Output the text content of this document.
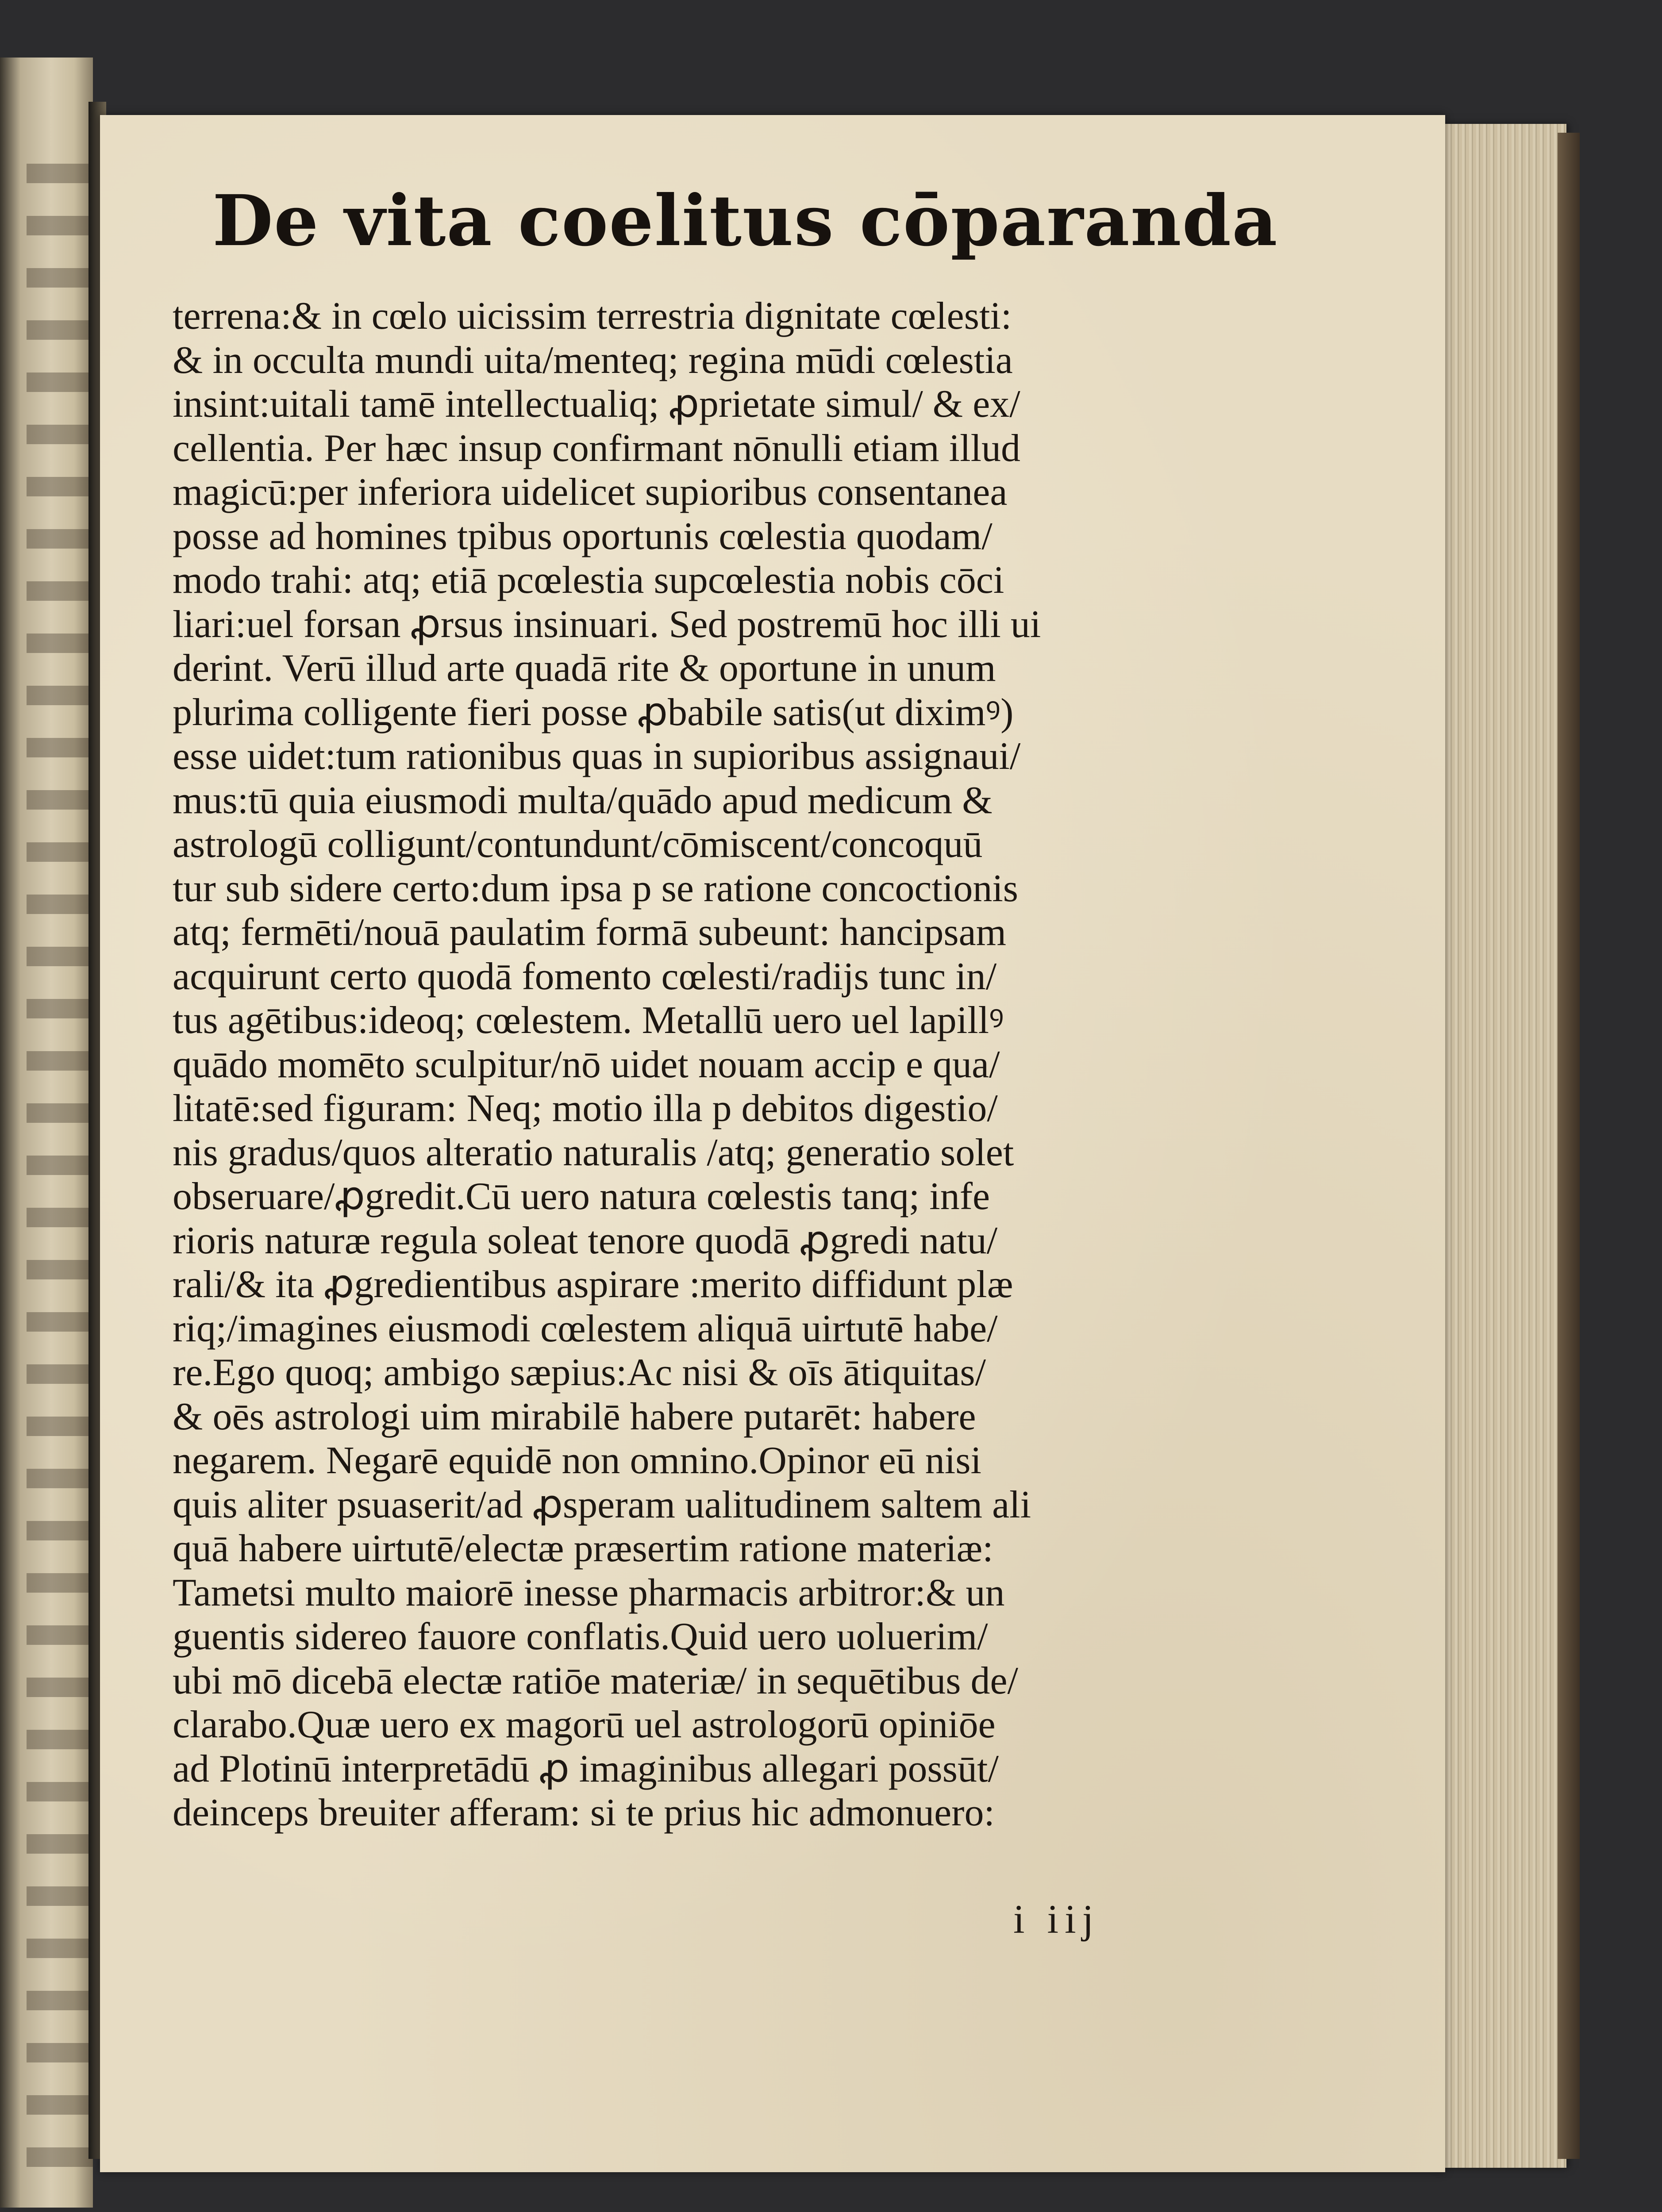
De vita coelitus cōparanda
terrena:& in cœlo uicissim terrestria dignitate cœlesti:
& in occulta mundi uita/menteq; regina mūdi cœlestia
insint:uitali tamē intellectualiq; ꝓprietate simul/ & ex/
cellentia. Per hæc insup confirmant nōnulli etiam illud
magicū:per inferiora uidelicet supioribus consentanea
posse ad homines tpibus oportunis cœlestia quodam/
modo trahi: atq; etiā pcœlestia supcœlestia nobis cōci
liari:uel forsan ꝓrsus insinuari. Sed postremū hoc illi ui
derint. Verū illud arte quadā rite & oportune in unum
plurima colligente fieri posse ꝓbabile satis(ut diximꝰ)
esse uidet:tum rationibus quas in supioribus assignaui/
mus:tū quia eiusmodi multa/quādo apud medicum &
astrologū colligunt/contundunt/cōmiscent/concoquū
tur sub sidere certo:dum ipsa p se ratione concoctionis
atq; fermēti/nouā paulatim formā subeunt: hancipsam
acquirunt certo quodā fomento cœlesti/radijs tunc in/
tus agētibus:ideoq; cœlestem. Metallū uero uel lapillꝰ
quādo momēto sculpitur/nō uidet nouam accip e qua/
litatē:sed figuram: Neq; motio illa p debitos digestio/
nis gradus/quos alteratio naturalis /atq; generatio solet
obseruare/ꝓgredit.Cū uero natura cœlestis tanq; infe
rioris naturæ regula soleat tenore quodā ꝓgredi natu/
rali/& ita ꝓgredientibus aspirare :merito diffidunt plæ
riq;/imagines eiusmodi cœlestem aliquā uirtutē habe/
re.Ego quoq; ambigo sæpius:Ac nisi & oīs ātiquitas/
& oēs astrologi uim mirabilē habere putarēt: habere
negarem. Negarē equidē non omnino.Opinor eū nisi
quis aliter psuaserit/ad ꝓsperam ualitudinem saltem ali
quā habere uirtutē/electæ præsertim ratione materiæ:
Tametsi multo maiorē inesse pharmacis arbitror:& un
guentis sidereo fauore conflatis.Quid uero uoluerim/
ubi mō dicebā electæ ratiōe materiæ/ in sequētibus de/
clarabo.Quæ uero ex magorū uel astrologorū opiniōe
ad Plotinū interpretādū ꝓ imaginibus allegari possūt/
deinceps breuiter afferam: si te prius hic admonuero:
i iij
